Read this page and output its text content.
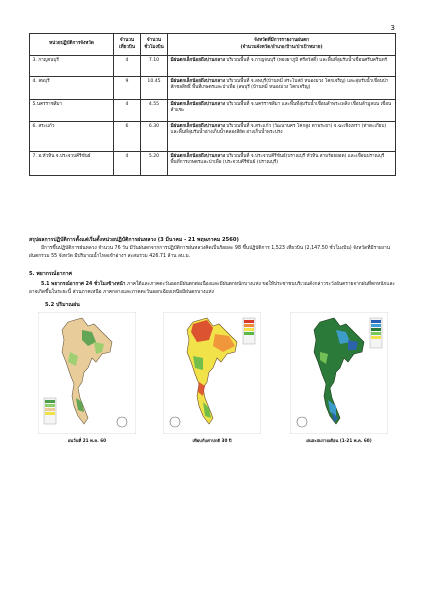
3
หน่วยปฏิบัติการจังหวัด	จำนวนเที่ยวบิน	จำนวนชั่วโมงบิน	จังหวัดที่มีการรายงานฝนตก
(จำนวนจังหวัด/อำเภอ/บ้าน/ป่าเป้าหมาย)

3. กาญจนบุรี	4	7.10	มีฝนตกเล็กน้อยถึงปานกลาง บริเวณพื้นที่ จ.กาญจนบุรี (ทองผาภูมิ ศรีสวัสดิ์) และพื้นที่ลุ่มรับน้ำเขื่อนศรีนครินทร์
4. ลพบุรี	9	10.45	มีฝนตกเล็กน้อยถึงปานกลาง บริเวณพื้นที่ จ.ลพบุรี(บ้านหมี่ สระโบสถ์ หนองม่วง โคกเจริญ) และลุ่มรับน้ำเขื่อนป่าสักชลสิทธิ์ พื้นที่เกษตรและป่าเพื่อ (ลพบุรี (บ้านหมี่ หนองม่วง โคกเจริญ)
5.นครราชสีมา	4	4.55	มีฝนตกเล็กน้อยถึงปานกลาง บริเวณพื้นที่ จ.นครราชสีมา และพื้นที่ลุ่มรับน้ำเขื่อนลำพระเพลิง เขื่อนลำมูลบน เขื่อนลำแซะ
6. สระแก้ว	6	6.30	มีฝนตกเล็กน้อยถึงปานกลาง บริเวณพื้นที่ จ.สระแก้ว (วัฒนานคร โคกสูง ตาพระยา) จ.ฉะเชิงเทรา (ท่าตะเกียบ) และพื้นที่ลุ่มรับน้ำอ่างเก็บน้ำคลองสียัด อ่างเก็บน้ำพระปรง
7. อ.หัวหิน จ.ประจวบคีรีขันธ์	4	5.20	มีฝนตกเล็กน้อยถึงปานกลาง บริเวณพื้นที่ จ.ประจวบคีรีขันธ์(ปราณบุรี หัวหิน สามร้อยยอด) และเขื่อนปราณบุรี พื้นที่การเกษตรและป่าเพื่อ (ประจวบคีรีขันธ์ (ปราณบุรี)
สรุปผลการปฏิบัติการตั้งแต่เริ่มตั้งหน่วยปฏิบัติการฝนหลวง (3 มีนาคม - 21 พฤษภาคม 2560)

มีการขึ้นปฏิบัติการฝนหลวง จำนวน 76 วัน มีวันฝนตกจากการปฏิบัติการฝนหลวงคิดเป็นร้อยละ 98 ขึ้นปฏิบัติการ 1,523 เที่ยวบิน (2,147.50 ชั่วโมงบิน) จังหวัดที่มีรายงานฝนตกรวม 55 จังหวัด มีปริมาณน้ำไหลเข้าอ่างฯ สะสมรวม 426.71 ล้าน ลบ.ม.

5. พยากรณ์อากาศ

5.1 พยากรณ์อากาศ 24 ชั่วโมงข้างหน้า ภาคใต้และภาคตะวันออกมีฝนตกต่อเนื่องและมีฝนตกหนักบางแห่ง ขอให้ประชาชนบริเวณดังกล่าวระวังอันตรายจากฝนที่ตกหนักและอาจเกิดขึ้นในระยะนี้ ส่วนภาคเหนือ ภาคกลางและภาคตะวันออกเฉียงเหนือมีฝนตกบางแห่ง

5.2 ปริมาณฝน
ฝนวันที่ 21 พ.ค. 60	เทียบกับค่าปกติ 30 ปี	ฝนสะสมรายเดือน (1-21 พ.ค. 60)
